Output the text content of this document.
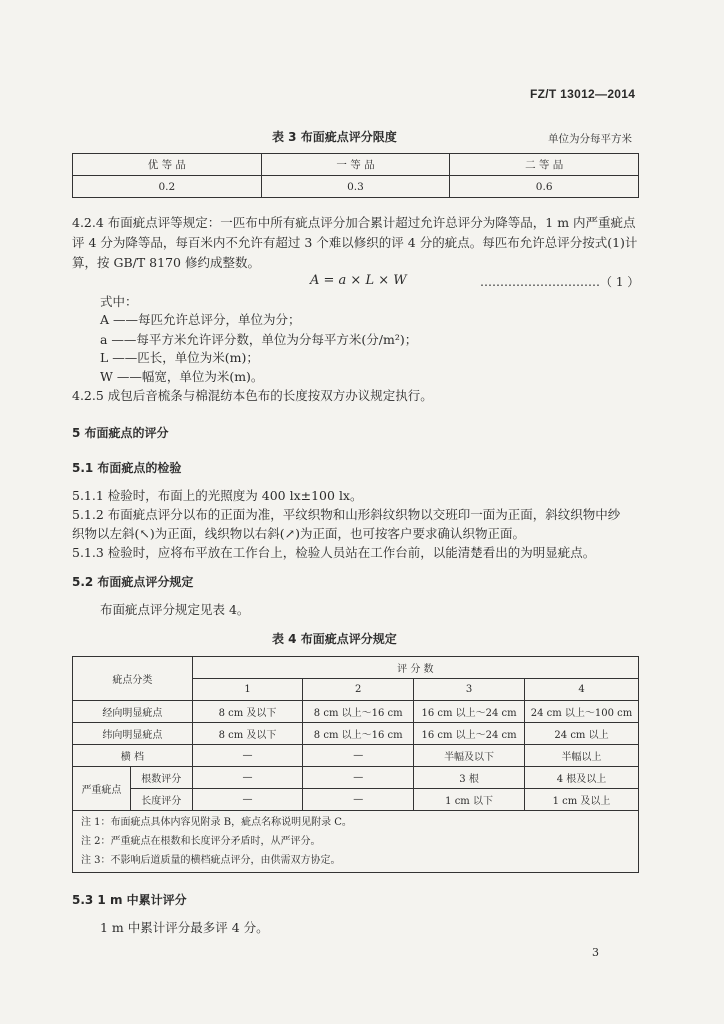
FZ/T 13012—2014
表 3 布面疵点评分限度	单位为分每平方米
优 等 品	一 等 品	二 等 品
0.2	0.3	0.6
4.2.4 布面疵点评等规定：一匹布中所有疵点评分加合累计超过允许总评分为降等品，1 m 内严重疵点
评 4 分为降等品，每百米内不允许有超过 3 个难以修织的评 4 分的疵点。每匹布允许总评分按式(1)计
算，按 GB/T 8170 修约成整数。
A = a × L × W	…………………………（ 1 ）
式中：
A ——每匹允许总评分，单位为分；
a ——每平方米允许评分数，单位为分每平方米(分/m²)；
L ——匹长，单位为米(m)；
W ——幅宽，单位为米(m)。
4.2.5 成包后音梳条与棉混纺本色布的长度按双方办议规定执行。
5 布面疵点的评分
5.1 布面疵点的检验
5.1.1 检验时，布面上的光照度为 400 lx±100 lx。
5.1.2 布面疵点评分以布的正面为准，平纹织物和山形斜纹织物以交班印一面为正面，斜纹织物中纱
织物以左斜(↖)为正面，线织物以右斜(↗)为正面，也可按客户要求确认织物正面。
5.1.3 检验时，应将布平放在工作台上，检验人员站在工作台前，以能清楚看出的为明显疵点。
5.2 布面疵点评分规定
布面疵点评分规定见表 4。
表 4 布面疵点评分规定
疵点分类		评 分 数			
		1	2	3	4
经向明显疵点		8 cm 及以下	8 cm 以上～16 cm	16 cm 以上～24 cm	24 cm 以上～100 cm
纬向明显疵点		8 cm 及以下	8 cm 以上～16 cm	16 cm 以上～24 cm	24 cm 以上
横 档		—	—	半幅及以下	半幅以上
严重疵点	根数评分	—	—	3 根	4 根及以上
	长度评分	—	—	1 cm 以下	1 cm 及以上

注 1：布面疵点具体内容见附录 B，疵点名称说明见附录 C。
注 2：严重疵点在根数和长度评分矛盾时，从严评分。
注 3：不影响后道质量的横档疵点评分，由供需双方协定。					
5.3 1 m 中累计评分
1 m 中累计评分最多评 4 分。
3
